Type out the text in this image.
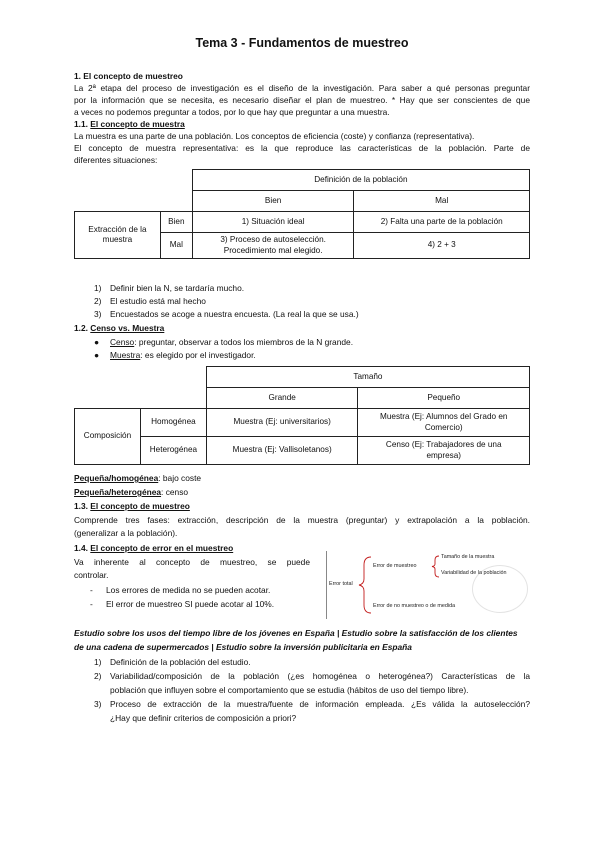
Tema 3 - Fundamentos de muestreo
1. El concepto de muestreo
La 2ª etapa del proceso de investigación es el diseño de la investigación. Para saber a qué personas preguntar
por la información que se necesita, es necesario diseñar el plan de muestreo. * Hay que ser conscientes de que
a veces no podemos preguntar a todos, por lo que hay que preguntar a una muestra.
1.1. El concepto de muestra
La muestra es una parte de una población. Los conceptos de eficiencia (coste) y confianza (representativa).
El concepto de muestra representativa: es la que reproduce las características de la población. Parte de
diferentes situaciones:
		Definición de la población	
		Bien	Mal

Extracción de la
muestra	Bien	1) Situación ideal	2) Falta una parte de la población
	Mal	3) Proceso de autoselección.
Procedimiento mal elegido.	4) 2 + 3
1) Definir bien la N, se tardaría mucho.
2) El estudio está mal hecho
3) Encuestados se acoge a nuestra encuesta. (La real la que se usa.)
1.2. Censo vs. Muestra
● Censo: preguntar, observar a todos los miembros de la N grande.
● Muestra: es elegido por el investigador.
		Tamaño	
		Grande	Pequeño
Composición	Homogénea	Muestra (Ej: universitarios)	Muestra (Ej: Alumnos del Grado en
Comercio)

	Heterogénea	Muestra (Ej: Vallisoletanos)	Censo (Ej: Trabajadores de una
empresa)
Pequeña/homogénea: bajo coste
Pequeña/heterogénea: censo
1.3. El concepto de muestreo
Comprende tres fases: extracción, descripción de la muestra (preguntar) y extrapolación a la población.
(generalizar a la población).
1.4. El concepto de error en el muestreo
Va inherente al concepto de muestreo, se puede
controlar.
- Los errores de medida no se pueden acotar.
- El error de muestreo SI puede acotar al 10%.
Error total
Error de muestreo
Tamaño de la muestra
Variabilidad de la población
Error de no muestreo o de medida
Estudio sobre los usos del tiempo libre de los jóvenes en España | Estudio sobre la satisfacción de los clientes
de una cadena de supermercados | Estudio sobre la inversión publicitaria en España
1) Definición de la población del estudio.
2) Variabilidad/composición de la población (¿es homogénea o heterogénea?) Características de la
población que influyen sobre el comportamiento que se estudia (hábitos de uso del tiempo libre).
3) Proceso de extracción de la muestra/fuente de información empleada. ¿Es válida la autoselección?
¿Hay que definir criterios de composición a priori?
